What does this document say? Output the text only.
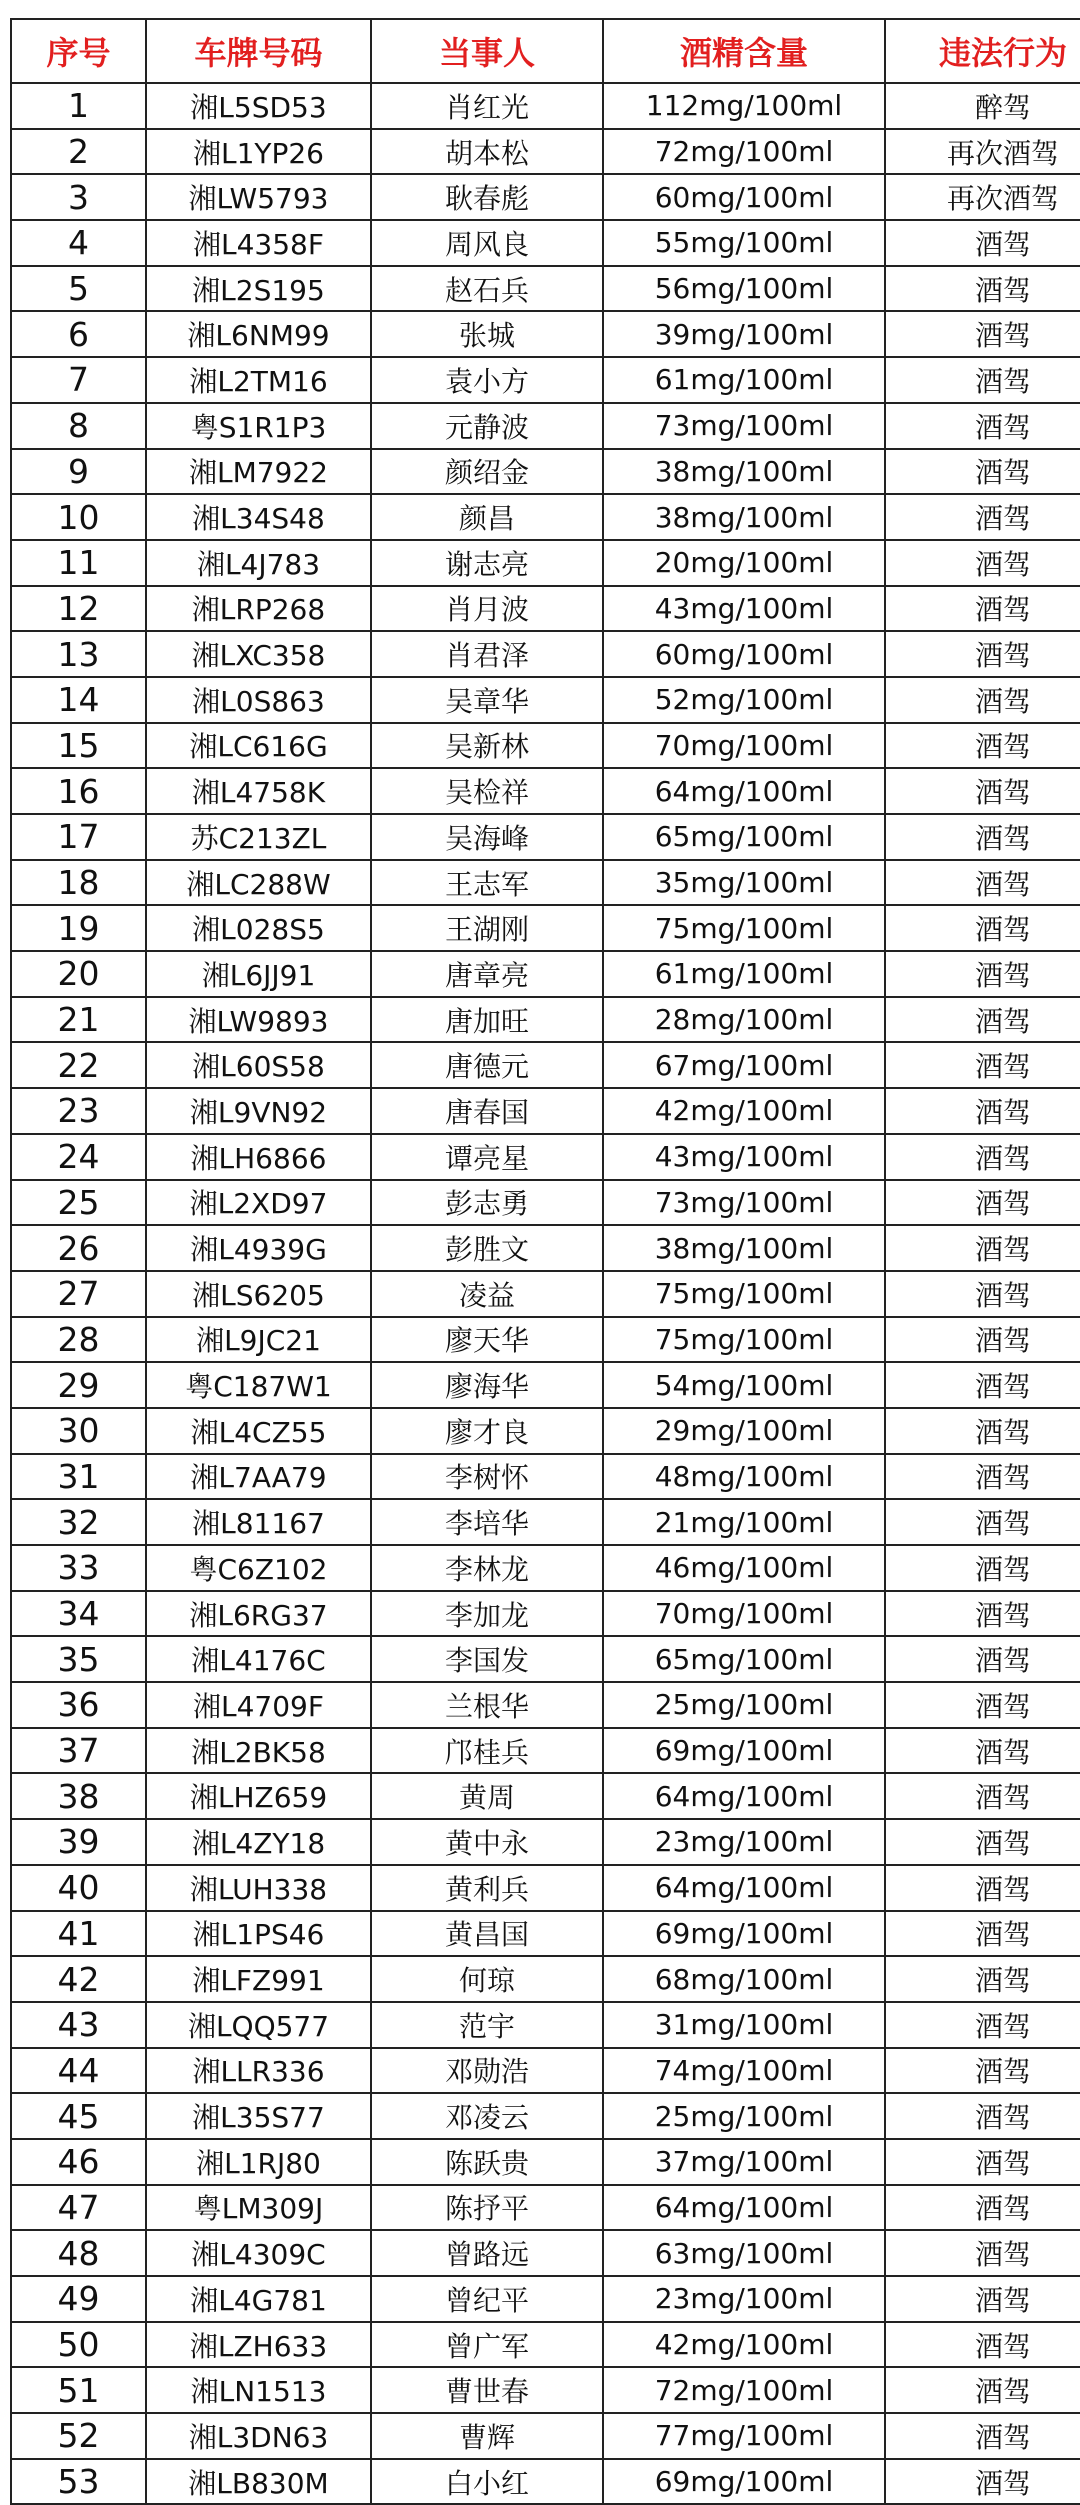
序号	车牌号码	当事人	酒精含量	违法行为
1	湘L5SD53	肖红光	112mg/100ml	醉驾
2	湘L1YP26	胡本松	72mg/100ml	再次酒驾
3	湘LW5793	耿春彪	60mg/100ml	再次酒驾
4	湘L4358F	周风良	55mg/100ml	酒驾
5	湘L2S195	赵石兵	56mg/100ml	酒驾
6	湘L6NM99	张城	39mg/100ml	酒驾
7	湘L2TM16	袁小方	61mg/100ml	酒驾
8	粤S1R1P3	元静波	73mg/100ml	酒驾
9	湘LM7922	颜绍金	38mg/100ml	酒驾
10	湘L34S48	颜昌	38mg/100ml	酒驾
11	湘L4J783	谢志亮	20mg/100ml	酒驾
12	湘LRP268	肖月波	43mg/100ml	酒驾
13	湘LXC358	肖君泽	60mg/100ml	酒驾
14	湘L0S863	吴章华	52mg/100ml	酒驾
15	湘LC616G	吴新林	70mg/100ml	酒驾
16	湘L4758K	吴检祥	64mg/100ml	酒驾
17	苏C213ZL	吴海峰	65mg/100ml	酒驾
18	湘LC288W	王志军	35mg/100ml	酒驾
19	湘L028S5	王湖刚	75mg/100ml	酒驾
20	湘L6JJ91	唐章亮	61mg/100ml	酒驾
21	湘LW9893	唐加旺	28mg/100ml	酒驾
22	湘L60S58	唐德元	67mg/100ml	酒驾
23	湘L9VN92	唐春国	42mg/100ml	酒驾
24	湘LH6866	谭亮星	43mg/100ml	酒驾
25	湘L2XD97	彭志勇	73mg/100ml	酒驾
26	湘L4939G	彭胜文	38mg/100ml	酒驾
27	湘LS6205	凌益	75mg/100ml	酒驾
28	湘L9JC21	廖天华	75mg/100ml	酒驾
29	粤C187W1	廖海华	54mg/100ml	酒驾
30	湘L4CZ55	廖才良	29mg/100ml	酒驾
31	湘L7AA79	李树怀	48mg/100ml	酒驾
32	湘L81167	李培华	21mg/100ml	酒驾
33	粤C6Z102	李林龙	46mg/100ml	酒驾
34	湘L6RG37	李加龙	70mg/100ml	酒驾
35	湘L4176C	李国发	65mg/100ml	酒驾
36	湘L4709F	兰根华	25mg/100ml	酒驾
37	湘L2BK58	邝桂兵	69mg/100ml	酒驾
38	湘LHZ659	黄周	64mg/100ml	酒驾
39	湘L4ZY18	黄中永	23mg/100ml	酒驾
40	湘LUH338	黄利兵	64mg/100ml	酒驾
41	湘L1PS46	黄昌国	69mg/100ml	酒驾
42	湘LFZ991	何琼	68mg/100ml	酒驾
43	湘LQQ577	范宇	31mg/100ml	酒驾
44	湘LLR336	邓勋浩	74mg/100ml	酒驾
45	湘L35S77	邓凌云	25mg/100ml	酒驾
46	湘L1RJ80	陈跃贵	37mg/100ml	酒驾
47	粤LM309J	陈抒平	64mg/100ml	酒驾
48	湘L4309C	曾路远	63mg/100ml	酒驾
49	湘L4G781	曾纪平	23mg/100ml	酒驾
50	湘LZH633	曾广军	42mg/100ml	酒驾
51	湘LN1513	曹世春	72mg/100ml	酒驾
52	湘L3DN63	曹辉	77mg/100ml	酒驾
53	湘LB830M	白小红	69mg/100ml	酒驾
